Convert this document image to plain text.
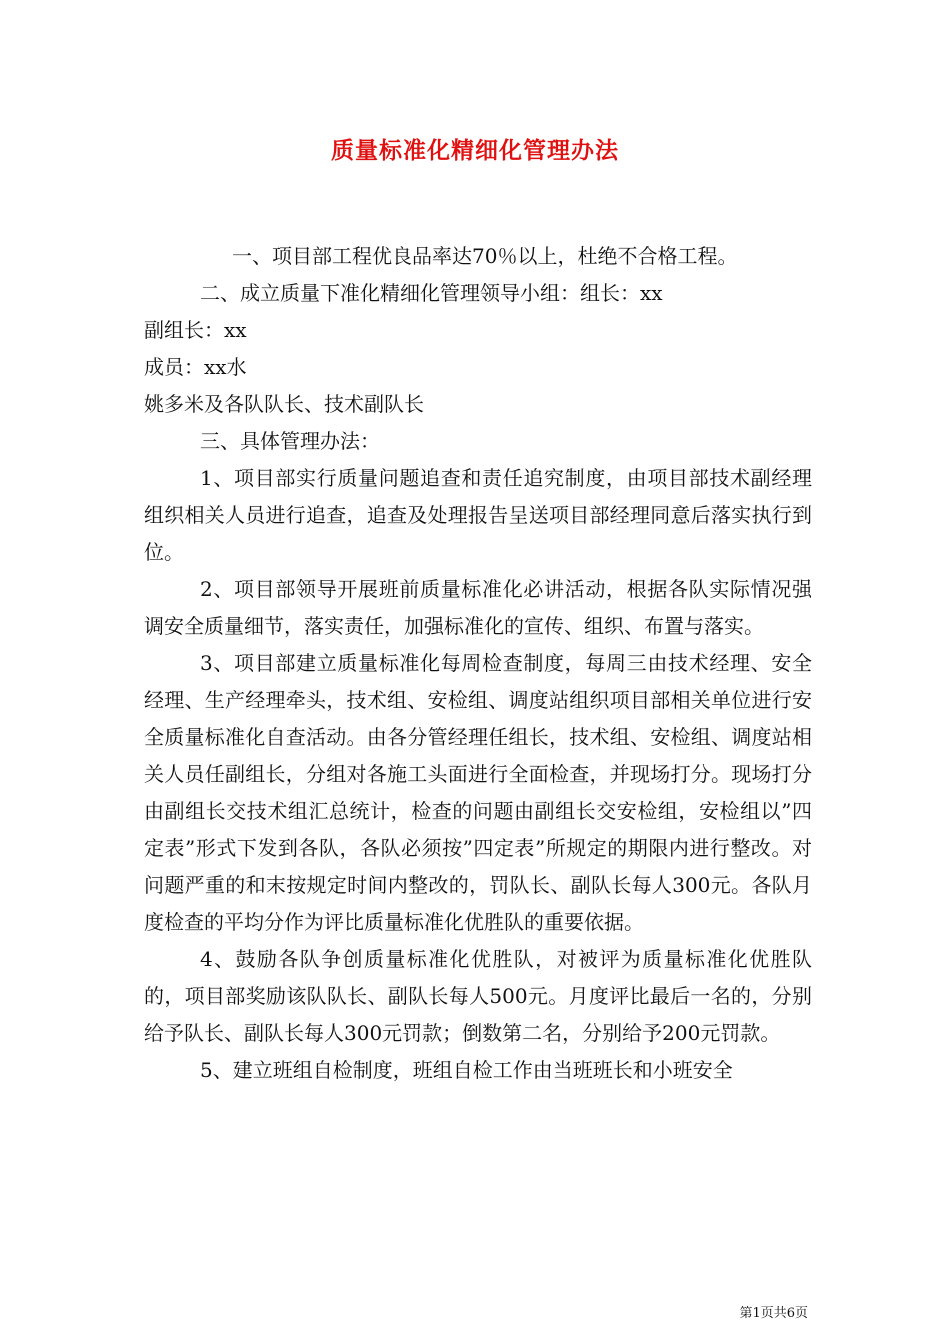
质量标准化精细化管理办法

一、项目部工程优良品率达70％以上，杜绝不合格工程。

二、成立质量下准化精细化管理领导小组：组长：xx

副组长：xx

成员：xx水

姚多米及各队队长、技术副队长

三、具体管理办法：

1、项目部实行质量问题追查和责任追究制度，由项目部技术副经理组织相关人员进行追查，追查及处理报告呈送项目部经理同意后落实执行到位。

2、项目部领导开展班前质量标准化必讲活动，根据各队实际情况强调安全质量细节，落实责任，加强标准化的宣传、组织、布置与落实。

3、项目部建立质量标准化每周检查制度，每周三由技术经理、安全经理、生产经理牵头，技术组、安检组、调度站组织项目部相关单位进行安全质量标准化自查活动。由各分管经理任组长，技术组、安检组、调度站相关人员任副组长，分组对各施工头面进行全面检查，并现场打分。现场打分由副组长交技术组汇总统计，检查的问题由副组长交安检组，安检组以”四定表”形式下发到各队，各队必须按”四定表”所规定的期限内进行整改。对问题严重的和末按规定时间内整改的，罚队长、副队长每人300元。各队月度检查的平均分作为评比质量标准化优胜队的重要依据。

4、鼓励各队争创质量标准化优胜队，对被评为质量标准化优胜队的，项目部奖励该队队长、副队长每人500元。月度评比最后一名的，分别给予队长、副队长每人300元罚款；倒数第二名，分别给予200元罚款。

5、建立班组自检制度，班组自检工作由当班班长和小班安全

第1页共6页
